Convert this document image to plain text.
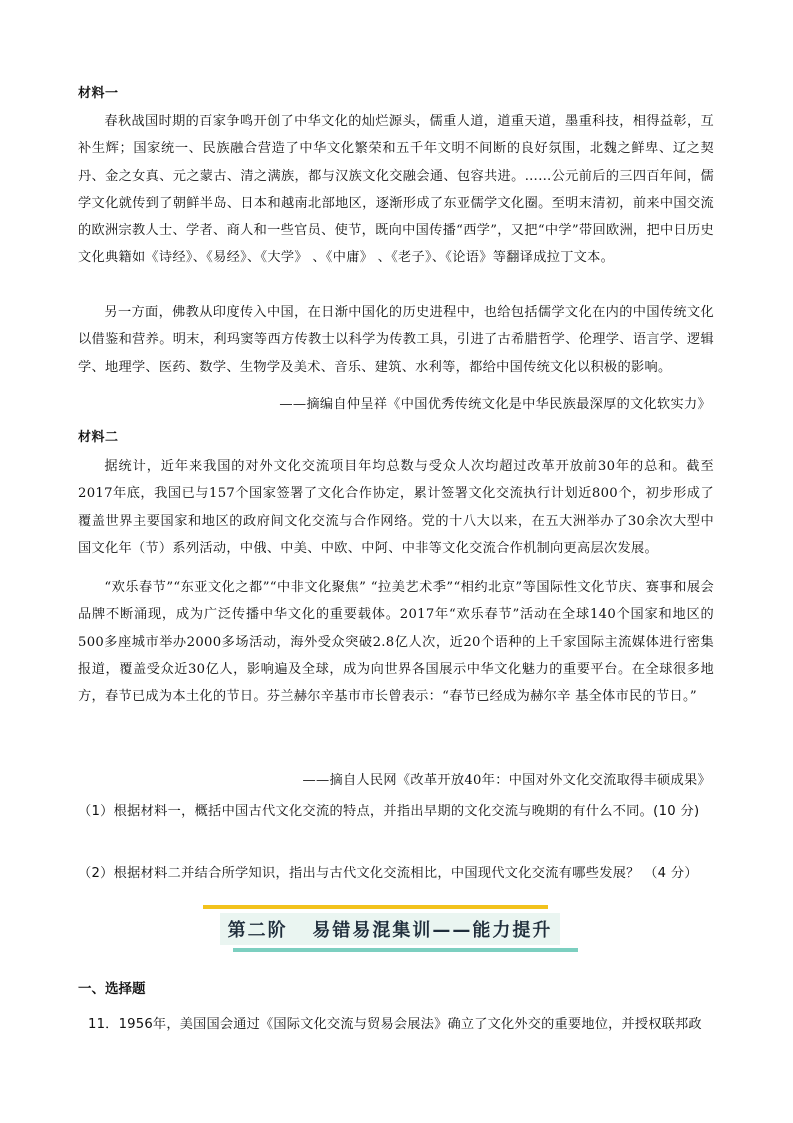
材料一

春秋战国时期的百家争鸣开创了中华文化的灿烂源头，儒重人道，道重天道，墨重科技，相得益彰，互补生辉；国家统一、民族融合营造了中华文化繁荣和五千年文明不间断的良好氛围，北魏之鲜卑、辽之契丹、金之女真、元之蒙古、清之满族，都与汉族文化交融会通、包容共进。……公元前后的三四百年间，儒学文化就传到了朝鲜半岛、日本和越南北部地区，逐渐形成了东亚儒学文化圈。至明末清初，前来中国交流的欧洲宗教人士、学者、商人和一些官员、使节，既向中国传播“西学”，又把“中学”带回欧洲，把中日历史文化典籍如《诗经》、《易经》、《大学》 、《中庸》 、《老子》、《论语》等翻译成拉丁文本。

另一方面，佛教从印度传入中国，在日渐中国化的历史进程中，也给包括儒学文化在内的中国传统文化以借鉴和营养。明末，利玛窦等西方传教士以科学为传教工具，引进了古希腊哲学、伦理学、语言学、逻辑学、地理学、医药、数学、生物学及美术、音乐、建筑、水利等，都给中国传统文化以积极的影响。

——摘编自仲呈祥《中国优秀传统文化是中华民族最深厚的文化软实力》
材料二

据统计，近年来我国的对外文化交流项目年均总数与受众人次均超过改革开放前30年的总和。截至2017年底，我国已与157个国家签署了文化合作协定，累计签署文化交流执行计划近800个，初步形成了覆盖世界主要国家和地区的政府间文化交流与合作网络。党的十八大以来，在五大洲举办了30余次大型中国文化年（节）系列活动，中俄、中美、中欧、中阿、中非等文化交流合作机制向更高层次发展。

“欢乐春节”“东亚文化之都”“中非文化聚焦” “拉美艺术季”“相约北京”等国际性文化节庆、赛事和展会品牌不断涌现，成为广泛传播中华文化的重要载体。2017年“欢乐春节”活动在全球140个国家和地区的500多座城市举办2000多场活动，海外受众突破2.8亿人次，近20个语种的上千家国际主流媒体进行密集报道，覆盖受众近30亿人，影响遍及全球，成为向世界各国展示中华文化魅力的重要平台。在全球很多地方，春节已成为本土化的节日。芬兰赫尔辛基市市长曾表示：“春节已经成为赫尔辛 基全体市民的节日。”

——摘自人民网《改革开放40年：中国对外文化交流取得丰硕成果》
（1）根据材料一，概括中国古代文化交流的特点，并指出早期的文化交流与晚期的有什么不同。(10 分)
（2）根据材料二并结合所学知识，指出与古代文化交流相比，中国现代文化交流有哪些发展？ （4 分）
第二阶   易错易混集训——能力提升
一、选择题
11．1956年，美国国会通过《国际文化交流与贸易会展法》确立了文化外交的重要地位，并授权联邦政
